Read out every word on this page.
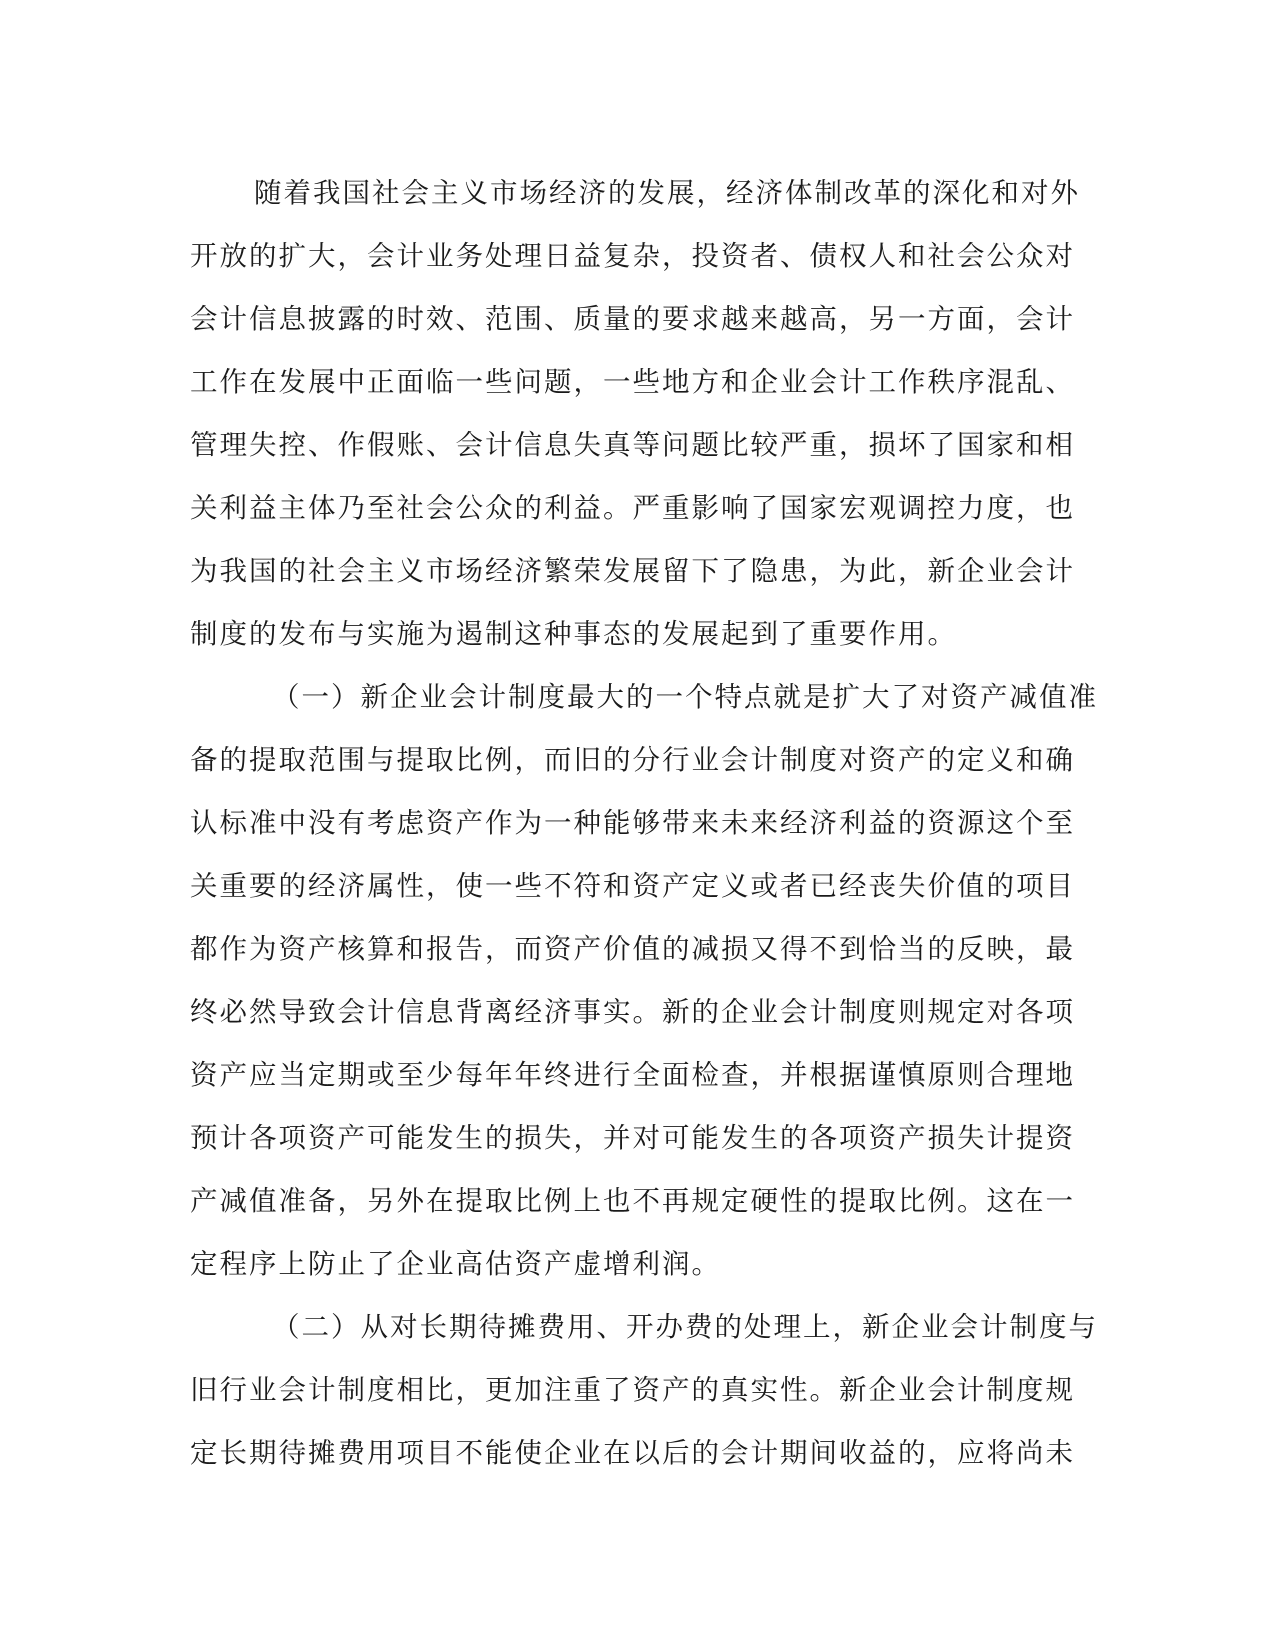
随着我国社会主义市场经济的发展，经济体制改革的深化和对外
开放的扩大，会计业务处理日益复杂，投资者、债权人和社会公众对
会计信息披露的时效、范围、质量的要求越来越高，另一方面，会计
工作在发展中正面临一些问题，一些地方和企业会计工作秩序混乱、
管理失控、作假账、会计信息失真等问题比较严重，损坏了国家和相
关利益主体乃至社会公众的利益。严重影响了国家宏观调控力度，也
为我国的社会主义市场经济繁荣发展留下了隐患，为此，新企业会计
制度的发布与实施为遏制这种事态的发展起到了重要作用。
（一）新企业会计制度最大的一个特点就是扩大了对资产减值准
备的提取范围与提取比例，而旧的分行业会计制度对资产的定义和确
认标准中没有考虑资产作为一种能够带来未来经济利益的资源这个至
关重要的经济属性，使一些不符和资产定义或者已经丧失价值的项目
都作为资产核算和报告，而资产价值的减损又得不到恰当的反映，最
终必然导致会计信息背离经济事实。新的企业会计制度则规定对各项
资产应当定期或至少每年年终进行全面检查，并根据谨慎原则合理地
预计各项资产可能发生的损失，并对可能发生的各项资产损失计提资
产减值准备，另外在提取比例上也不再规定硬性的提取比例。这在一
定程序上防止了企业高估资产虚增利润。
（二）从对长期待摊费用、开办费的处理上，新企业会计制度与
旧行业会计制度相比，更加注重了资产的真实性。新企业会计制度规
定长期待摊费用项目不能使企业在以后的会计期间收益的，应将尚未
